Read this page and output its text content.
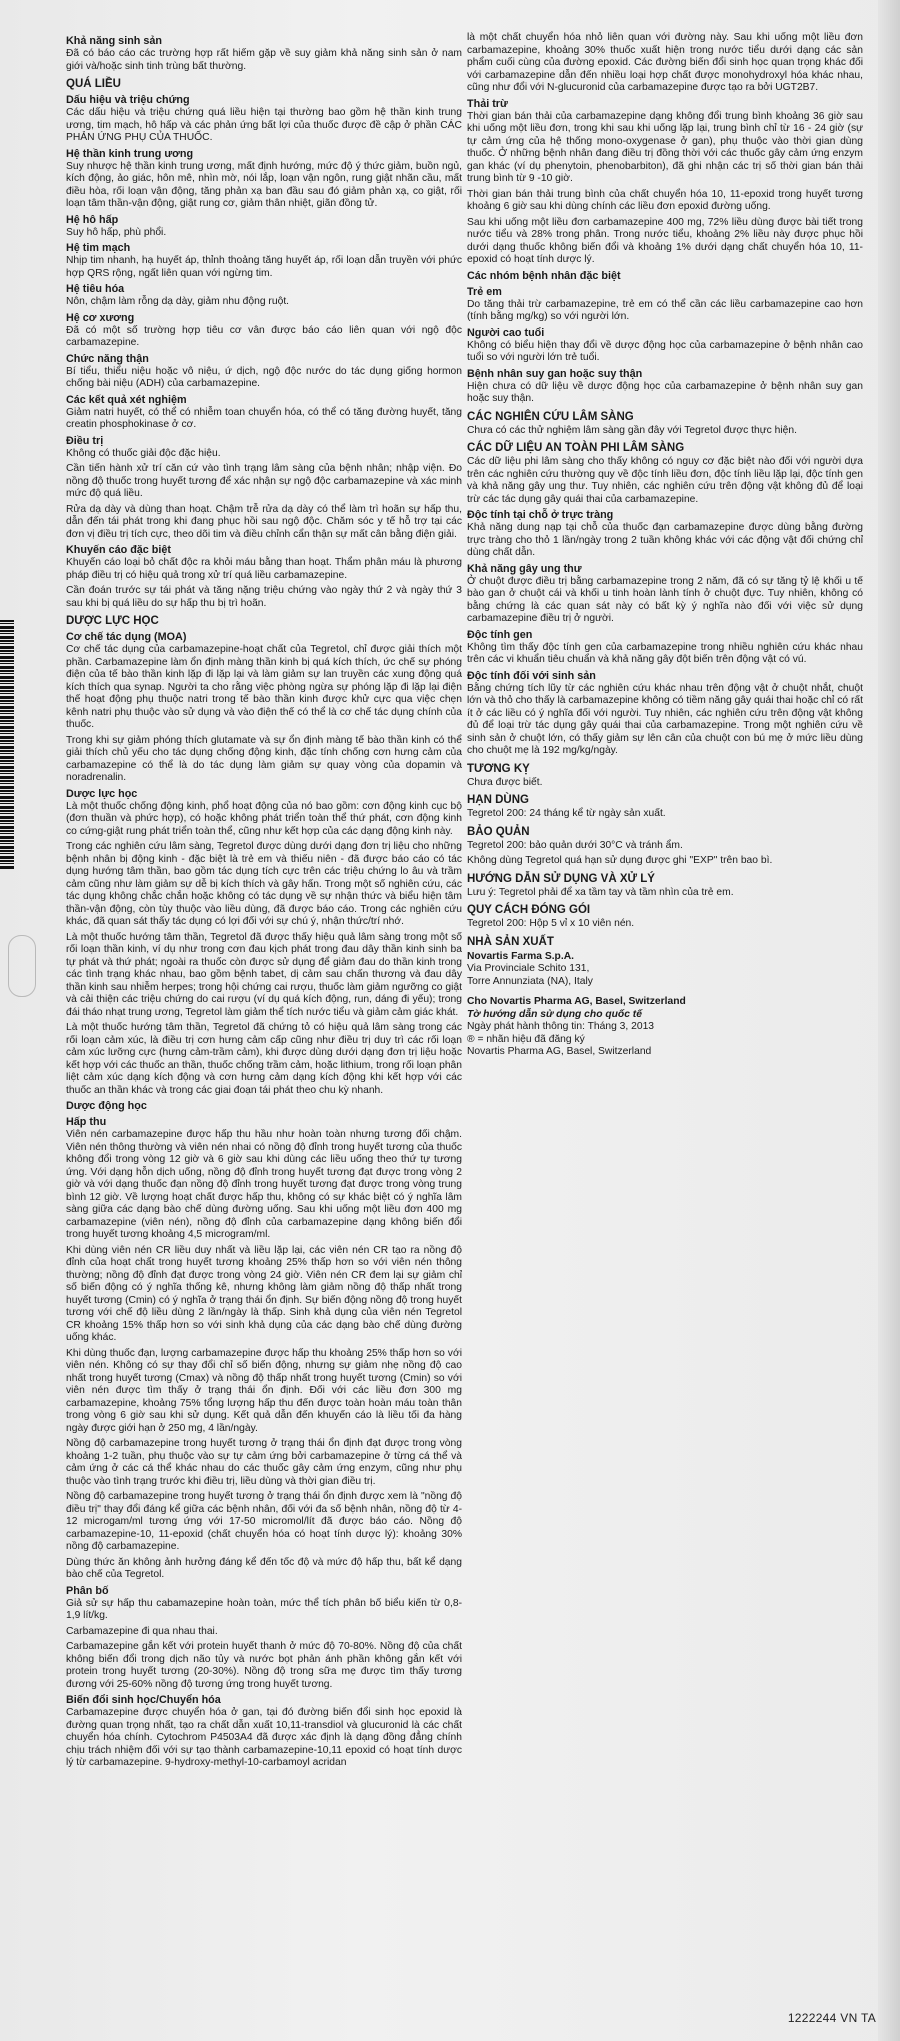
Khả năng sinh sản

Đã có báo cáo các trường hợp rất hiếm gặp về suy giảm khả năng sinh sản ở nam giới và/hoặc sinh tinh trùng bất thường.

QUÁ LIỀU
Dấu hiệu và triệu chứng

Các dấu hiệu và triệu chứng quá liều hiện tại thường bao gồm hệ thần kinh trung ương, tim mạch, hô hấp và các phản ứng bất lợi của thuốc được đề cập ở phần CÁC PHẢN ỨNG PHỤ CỦA THUỐC.

Hệ thần kinh trung ương

Suy nhược hệ thần kinh trung ương, mất định hướng, mức độ ý thức giảm, buồn ngủ, kích động, ảo giác, hôn mê, nhìn mờ, nói lắp, loạn vận ngôn, rung giật nhãn cầu, mất điều hòa, rối loạn vận động, tăng phản xạ ban đầu sau đó giảm phản xạ, co giật, rối loạn tâm thần-vận động, giật rung cơ, giảm thân nhiệt, giãn đồng tử.

Hệ hô hấp

Suy hô hấp, phù phổi.

Hệ tim mạch

Nhịp tim nhanh, hạ huyết áp, thỉnh thoảng tăng huyết áp, rối loạn dẫn truyền với phức hợp QRS rộng, ngất liên quan với ngừng tim.

Hệ tiêu hóa

Nôn, chậm làm rỗng dạ dày, giảm nhu động ruột.

Hệ cơ xương

Đã có một số trường hợp tiêu cơ vân được báo cáo liên quan với ngộ độc carbamazepine.

Chức năng thận

Bí tiểu, thiểu niệu hoặc vô niệu, ứ dịch, ngộ độc nước do tác dụng giống hormon chống bài niệu (ADH) của carbamazepine.

Các kết quả xét nghiệm

Giảm natri huyết, có thể có nhiễm toan chuyển hóa, có thể có tăng đường huyết, tăng creatin phosphokinase ở cơ.

Điều trị

Không có thuốc giải độc đặc hiệu.

Cần tiến hành xử trí căn cứ vào tình trạng lâm sàng của bệnh nhân; nhập viện. Đo nồng độ thuốc trong huyết tương để xác nhận sự ngộ độc carbamazepine và xác minh mức độ quá liều.

Rửa dạ dày và dùng than hoạt. Chậm trễ rửa dạ dày có thể làm trì hoãn sự hấp thu, dẫn đến tái phát trong khi đang phục hồi sau ngộ độc. Chăm sóc y tế hỗ trợ tại các đơn vị điều trị tích cực, theo dõi tim và điều chỉnh cẩn thận sự mất cân bằng điện giải.

Khuyến cáo đặc biệt

Khuyến cáo loại bỏ chất độc ra khỏi máu bằng than hoạt. Thẩm phân máu là phương pháp điều trị có hiệu quả trong xử trí quá liều carbamazepine.

Cần đoán trước sự tái phát và tăng nặng triệu chứng vào ngày thứ 2 và ngày thứ 3 sau khi bị quá liều do sự hấp thu bị trì hoãn.

DƯỢC LỰC HỌC
Cơ chế tác dụng (MOA)

Cơ chế tác dụng của carbamazepine-hoạt chất của Tegretol, chỉ được giải thích một phần. Carbamazepine làm ổn định màng thần kinh bị quá kích thích, ức chế sự phóng điện của tế bào thần kinh lặp đi lặp lại và làm giảm sự lan truyền các xung động quá kích thích qua synap. Người ta cho rằng việc phòng ngừa sự phóng lặp đi lặp lại điện thế hoạt động phụ thuộc natri trong tế bào thần kinh được khử cực qua việc chẹn kênh natri phụ thuộc vào sử dụng và vào điện thế có thể là cơ chế tác dụng chính của thuốc.

Trong khi sự giảm phóng thích glutamate và sự ổn định màng tế bào thần kinh có thể giải thích chủ yếu cho tác dụng chống động kinh, đặc tính chống cơn hưng cảm của carbamazepine có thể là do tác dụng làm giảm sự quay vòng của dopamin và noradrenalin.

Dược lực học

Là một thuốc chống động kinh, phổ hoạt động của nó bao gồm: cơn động kinh cục bộ (đơn thuần và phức hợp), có hoặc không phát triển toàn thể thứ phát, cơn động kinh co cứng-giật rung phát triển toàn thể, cũng như kết hợp của các dạng động kinh này.

Trong các nghiên cứu lâm sàng, Tegretol được dùng dưới dạng đơn trị liệu cho những bệnh nhân bị động kinh - đặc biệt là trẻ em và thiếu niên - đã được báo cáo có tác dụng hướng tâm thần, bao gồm tác dụng tích cực trên các triệu chứng lo âu và trầm cảm cũng như làm giảm sự dễ bị kích thích và gây hấn. Trong một số nghiên cứu, các tác dụng không chắc chắn hoặc không có tác dụng về sự nhận thức và biểu hiện tâm thần-vận động, còn tùy thuộc vào liều dùng, đã được báo cáo. Trong các nghiên cứu khác, đã quan sát thấy tác dụng có lợi đối với sự chú ý, nhận thức/trí nhớ.

Là một thuốc hướng tâm thần, Tegretol đã được thấy hiệu quả lâm sàng trong một số rối loạn thần kinh, ví dụ như trong cơn đau kịch phát trong đau dây thần kinh sinh ba tự phát và thứ phát; ngoài ra thuốc còn được sử dụng để giảm đau do thần kinh trong các tình trạng khác nhau, bao gồm bệnh tabet, dị cảm sau chấn thương và đau dây thần kinh sau nhiễm herpes; trong hội chứng cai rượu, thuốc làm giảm ngưỡng co giật và cải thiện các triệu chứng do cai rượu (ví dụ quá kích động, run, dáng đi yếu); trong đái tháo nhạt trung ương, Tegretol làm giảm thể tích nước tiểu và giảm cảm giác khát.

Là một thuốc hướng tâm thần, Tegretol đã chứng tỏ có hiệu quả lâm sàng trong các rối loạn cảm xúc, là điều trị cơn hưng cảm cấp cũng như điều trị duy trì các rối loạn cảm xúc lưỡng cực (hưng cảm-trầm cảm), khi được dùng dưới dạng đơn trị liệu hoặc kết hợp với các thuốc an thần, thuốc chống trầm cảm, hoặc lithium, trong rối loạn phân liệt cảm xúc dạng kích động và cơn hưng cảm dạng kích động khi kết hợp với các thuốc an thần khác và trong các giai đoạn tái phát theo chu kỳ nhanh.

Dược động học
Hấp thu

Viên nén carbamazepine được hấp thu hầu như hoàn toàn nhưng tương đối chậm. Viên nén thông thường và viên nén nhai có nồng độ đỉnh trong huyết tương của thuốc không đổi trong vòng 12 giờ và 6 giờ sau khi dùng các liều uống theo thứ tự tương ứng. Với dạng hỗn dịch uống, nồng độ đỉnh trong huyết tương đạt được trong vòng 2 giờ và với dạng thuốc đạn nồng độ đỉnh trong huyết tương đạt được trong vòng trung bình 12 giờ. Về lượng hoạt chất được hấp thu, không có sự khác biệt có ý nghĩa lâm sàng giữa các dạng bào chế dùng đường uống. Sau khi uống một liều đơn 400 mg carbamazepine (viên nén), nồng độ đỉnh của carbamazepine dạng không biến đổi trong huyết tương khoảng 4,5 microgram/ml.

Khi dùng viên nén CR liều duy nhất và liều lặp lại, các viên nén CR tạo ra nồng độ đỉnh của hoạt chất trong huyết tương khoảng 25% thấp hơn so với viên nén thông thường; nồng độ đỉnh đạt được trong vòng 24 giờ. Viên nén CR đem lại sự giảm chỉ số biến động có ý nghĩa thống kê, nhưng không làm giảm nồng độ thấp nhất trong huyết tương (Cmin) có ý nghĩa ở trạng thái ổn định. Sự biến động nồng độ trong huyết tương với chế độ liều dùng 2 lần/ngày là thấp. Sinh khả dụng của viên nén Tegretol CR khoảng 15% thấp hơn so với sinh khả dụng của các dạng bào chế dùng đường uống khác.

Khi dùng thuốc đạn, lượng carbamazepine được hấp thu khoảng 25% thấp hơn so với viên nén. Không có sự thay đổi chỉ số biến động, nhưng sự giảm nhẹ nồng độ cao nhất trong huyết tương (Cmax) và nồng độ thấp nhất trong huyết tương (Cmin) so với viên nén được tìm thấy ở trạng thái ổn định. Đối với các liều đơn 300 mg carbamazepine, khoảng 75% tổng lượng hấp thu đến được toàn hoàn máu toàn thân trong vòng 6 giờ sau khi sử dụng. Kết quả dẫn đến khuyến cáo là liều tối đa hàng ngày được giới hạn ở 250 mg, 4 lần/ngày.

Nồng độ carbamazepine trong huyết tương ở trạng thái ổn định đạt được trong vòng khoảng 1-2 tuần, phụ thuộc vào sự tự cảm ứng bởi carbamazepine ở từng cá thể và cảm ứng ở các cá thể khác nhau do các thuốc gây cảm ứng enzym, cũng như phụ thuộc vào tình trạng trước khi điều trị, liều dùng và thời gian điều trị.

Nồng độ carbamazepine trong huyết tương ở trạng thái ổn định được xem là "nồng độ điều trị" thay đổi đáng kể giữa các bệnh nhân, đối với đa số bệnh nhân, nồng độ từ 4-12 microgam/ml tương ứng với 17-50 micromol/lít đã được báo cáo. Nồng độ carbamazepine-10, 11-epoxid (chất chuyển hóa có hoạt tính dược lý): khoảng 30% nồng độ carbamazepine.

Dùng thức ăn không ảnh hưởng đáng kể đến tốc độ và mức độ hấp thu, bất kể dạng bào chế của Tegretol.

Phân bố

Giả sử sự hấp thu cabamazepine hoàn toàn, mức thể tích phân bố biểu kiến từ 0,8-1,9 lít/kg.

Carbamazepine đi qua nhau thai.

Carbamazepine gắn kết với protein huyết thanh ở mức độ 70-80%. Nồng độ của chất không biến đổi trong dịch não tủy và nước bọt phản ánh phần không gắn kết với protein trong huyết tương (20-30%). Nồng độ trong sữa mẹ được tìm thấy tương đương với 25-60% nồng độ tương ứng trong huyết tương.

Biến đổi sinh học/Chuyển hóa

Carbamazepine được chuyển hóa ở gan, tại đó đường biến đổi sinh học epoxid là đường quan trọng nhất, tạo ra chất dẫn xuất 10,11-transdiol và glucuronid là các chất chuyển hóa chính. Cytochrom P4503A4 đã được xác định là dạng đồng đẳng chính chịu trách nhiệm đối với sự tạo thành carbamazepine-10,11 epoxid có hoạt tính dược lý từ carbamazepine. 9-hydroxy-methyl-10-carbamoyl acridan

là một chất chuyển hóa nhỏ liên quan với đường này. Sau khi uống một liều đơn carbamazepine, khoảng 30% thuốc xuất hiện trong nước tiểu dưới dạng các sản phẩm cuối cùng của đường epoxid. Các đường biến đổi sinh học quan trọng khác đối với carbamazepine dẫn đến nhiều loại hợp chất được monohydroxyl hóa khác nhau, cũng như đổi với N-glucuronid của carbamazepine được tạo ra bởi UGT2B7.

Thải trừ

Thời gian bán thải của carbamazepine dạng không đổi trung bình khoảng 36 giờ sau khi uống một liều đơn, trong khi sau khi uống lặp lại, trung bình chỉ từ 16 - 24 giờ (sự tự cảm ứng của hệ thống mono-oxygenase ở gan), phụ thuộc vào thời gian dùng thuốc. Ở những bệnh nhân đang điều trị đồng thời với các thuốc gây cảm ứng enzym gan khác (ví dụ phenytoin, phenobarbiton), đã ghi nhận các trị số thời gian bán thải trung bình từ 9 -10 giờ.

Thời gian bán thải trung bình của chất chuyển hóa 10, 11-epoxid trong huyết tương khoảng 6 giờ sau khi dùng chính các liều đơn epoxid đường uống.

Sau khi uống một liều đơn carbamazepine 400 mg, 72% liều dùng được bài tiết trong nước tiểu và 28% trong phân. Trong nước tiểu, khoảng 2% liều này được phục hồi dưới dạng thuốc không biến đổi và khoảng 1% dưới dạng chất chuyển hóa 10, 11-epoxid có hoạt tính dược lý.

Các nhóm bệnh nhân đặc biệt
Trẻ em

Do tăng thải trừ carbamazepine, trẻ em có thể cần các liều carbamazepine cao hơn (tính bằng mg/kg) so với người lớn.

Người cao tuổi

Không có biểu hiện thay đổi về dược động học của carbamazepine ở bệnh nhân cao tuổi so với người lớn trẻ tuổi.

Bệnh nhân suy gan hoặc suy thận

Hiện chưa có dữ liệu về dược động học của carbamazepine ở bệnh nhân suy gan hoặc suy thận.

CÁC NGHIÊN CỨU LÂM SÀNG

Chưa có các thử nghiệm lâm sàng gần đây với Tegretol được thực hiện.

CÁC DỮ LIỆU AN TOÀN PHI LÂM SÀNG

Các dữ liệu phi lâm sàng cho thấy không có nguy cơ đặc biệt nào đối với người dựa trên các nghiên cứu thường quy về độc tính liều đơn, độc tính liều lặp lại, độc tính gen và khả năng gây ung thư. Tuy nhiên, các nghiên cứu trên động vật không đủ để loại trừ các tác dụng gây quái thai của carbamazepine.

Độc tính tại chỗ ở trực tràng

Khả năng dung nạp tại chỗ của thuốc đạn carbamazepine được dùng bằng đường trực tràng cho thỏ 1 lần/ngày trong 2 tuần không khác với các động vật đối chứng chỉ dùng chất dẫn.

Khả năng gây ung thư

Ở chuột được điều trị bằng carbamazepine trong 2 năm, đã có sự tăng tỷ lệ khối u tế bào gan ở chuột cái và khối u tinh hoàn lành tính ở chuột đực. Tuy nhiên, không có bằng chứng là các quan sát này có bất kỳ ý nghĩa nào đối với việc sử dụng carbamazepine điều trị ở người.

Độc tính gen

Không tìm thấy độc tính gen của carbamazepine trong nhiều nghiên cứu khác nhau trên các vi khuẩn tiêu chuẩn và khả năng gây đột biến trên động vật có vú.

Độc tính đối với sinh sản

Bằng chứng tích lũy từ các nghiên cứu khác nhau trên động vật ở chuột nhắt, chuột lớn và thỏ cho thấy là carbamazepine không có tiềm năng gây quái thai hoặc chỉ có rất ít ở các liều có ý nghĩa đối với người. Tuy nhiên, các nghiên cứu trên động vật không đủ để loại trừ tác dụng gây quái thai của carbamazepine. Trong một nghiên cứu về sinh sản ở chuột lớn, có thấy giảm sự lên cân của chuột con bú mẹ ở mức liều dùng cho chuột mẹ là 192 mg/kg/ngày.

TƯƠNG KỴ

Chưa được biết.

HẠN DÙNG

Tegretol 200: 24 tháng kể từ ngày sản xuất.

BẢO QUẢN

Tegretol 200: bảo quản dưới 30°C và tránh ẩm.

Không dùng Tegretol quá hạn sử dụng được ghi "EXP" trên bao bì.

HƯỚNG DẪN SỬ DỤNG VÀ XỬ LÝ

Lưu ý: Tegretol phải để xa tầm tay và tầm nhìn của trẻ em.

QUY CÁCH ĐÓNG GÓI

Tegretol 200: Hộp 5 vỉ x 10 viên nén.

NHÀ SẢN XUẤT

Novartis Farma S.p.A.

Via Provinciale Schito 131,

Torre Annunziata (NA), Italy

Cho Novartis Pharma AG, Basel, Switzerland

Tờ hướng dẫn sử dụng cho quốc tế

Ngày phát hành thông tin: Tháng 3, 2013

® = nhãn hiệu đã đăng ký

Novartis Pharma AG, Basel, Switzerland

1222244 VN TA
